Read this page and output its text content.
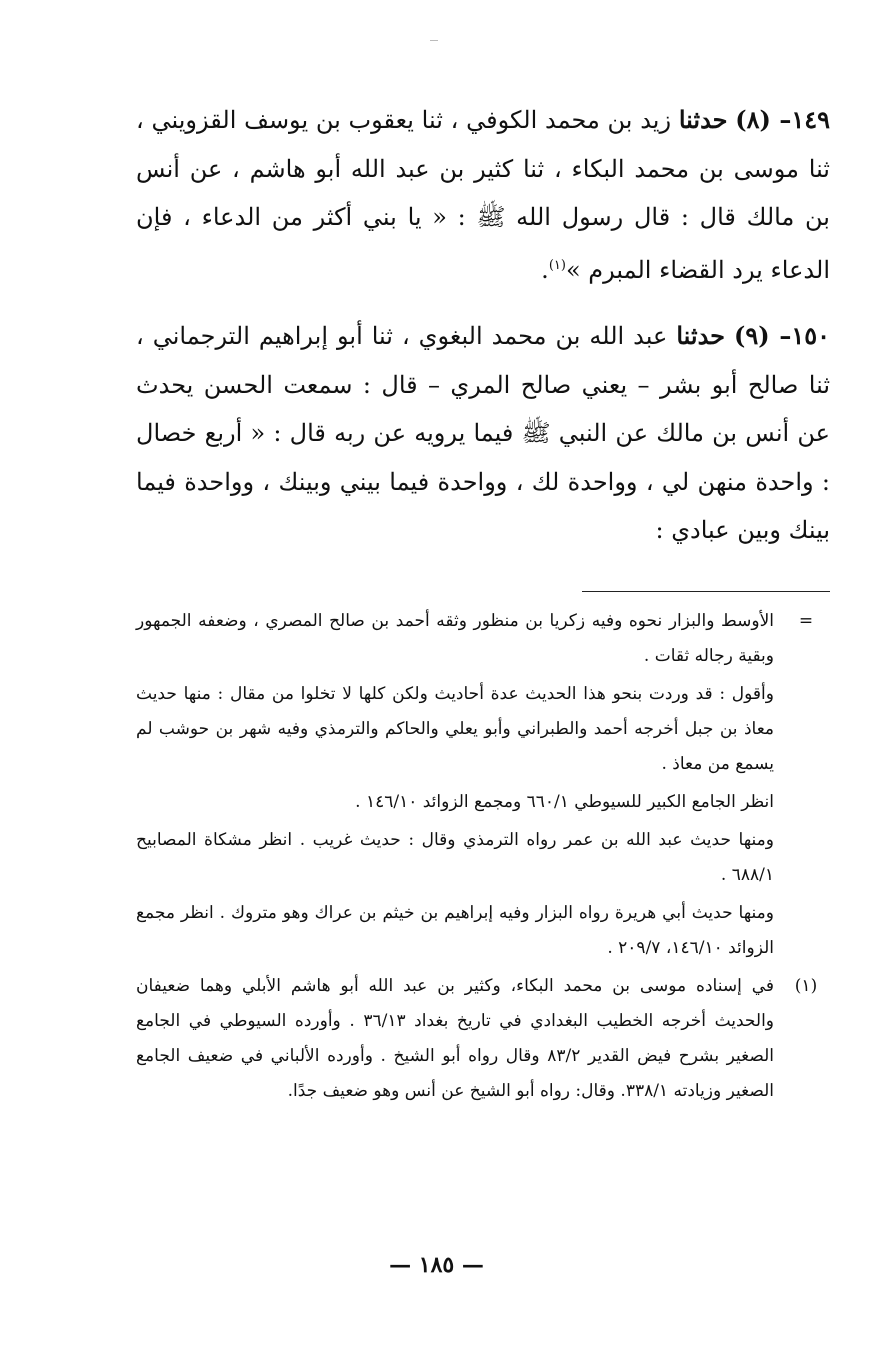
١٤٩– (٨) حدثنا زيد بن محمد الكوفي ، ثنا يعقوب بن يوسف القزويني ، ثنا موسى بن محمد البكاء ، ثنا كثير بن عبد الله أبو هاشم ، عن أنس بن مالك قال : قال رسول الله ﷺ : « يا بني أكثر من الدعاء ، فإن الدعاء يرد القضاء المبرم »$^{(١)}$.

١٥٠– (٩) حدثنا عبد الله بن محمد البغوي ، ثنا أبو إبراهيم الترجماني ، ثنا صالح أبو بشر – يعني صالح المري – قال : سمعت الحسن يحدث عن أنس بن مالك عن النبي ﷺ فيما يرويه عن ربه قال : « أربع خصال : واحدة منهن لي ، وواحدة لك ، وواحدة فيما بيني وبينك ، وواحدة فيما بينك وبين عبادي :

=
الأوسط والبزار نحوه وفيه زكريا بن منظور وثقه أحمد بن صالح المصري ، وضعفه الجمهور وبقية رجاله ثقات .

وأقول : قد وردت بنحو هذا الحديث عدة أحاديث ولكن كلها لا تخلوا من مقال : منها حديث معاذ بن جبل أخرجه أحمد والطبراني وأبو يعلي والحاكم والترمذي وفيه شهر بن حوشب لم يسمع من معاذ .

انظر الجامع الكبير للسيوطي ٦٦٠/١ ومجمع الزوائد ١٤٦/١٠ .

ومنها حديث عبد الله بن عمر رواه الترمذي وقال : حديث غريب . انظر مشكاة المصابيح ٦٨٨/١ .

ومنها حديث أبي هريرة رواه البزار وفيه إبراهيم بن خيثم بن عراك وهو متروك . انظر مجمع الزوائد ١٤٦/١٠، ٢٠٩/٧ .

(١)
في إسناده موسى بن محمد البكاء، وكثير بن عبد الله أبو هاشم الأبلي وهما ضعيفان والحديث أخرجه الخطيب البغدادي في تاريخ بغداد ٣٦/١٣ . وأورده السيوطي في الجامع الصغير بشرح فيض القدير ٨٣/٢ وقال رواه أبو الشيخ . وأورده الألباني في ضعيف الجامع الصغير وزيادته ٣٣٨/١. وقال: رواه أبو الشيخ عن أنس وهو ضعيف جدًا.

— ١٨٥ —
